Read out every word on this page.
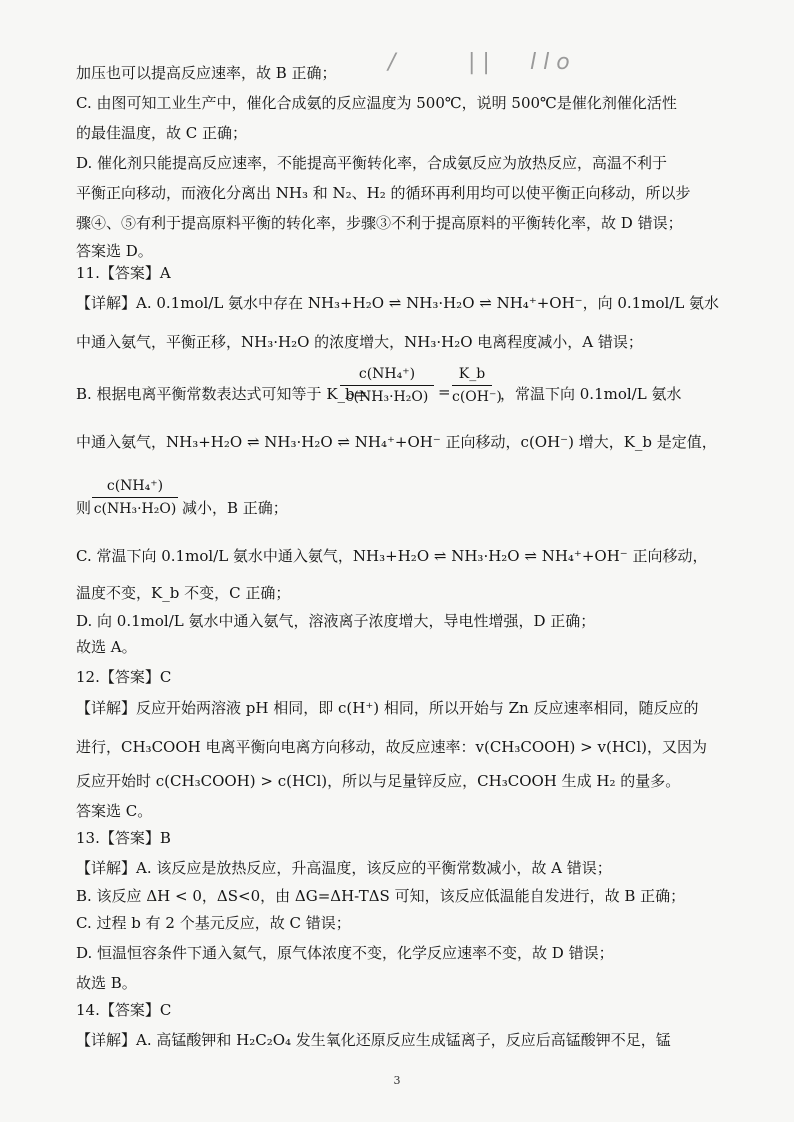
/	| | l l o
加压也可以提高反应速率，故 B 正确；
C. 由图可知工业生产中，催化合成氨的反应温度为 500℃，说明 500℃是催化剂催化活性
的最佳温度，故 C 正确；
D. 催化剂只能提高反应速率，不能提高平衡转化率，合成氨反应为放热反应，高温不利于
平衡正向移动，而液化分离出 NH₃ 和 N₂、H₂ 的循环再利用均可以使平衡正向移动，所以步
骤④、⑤有利于提高原料平衡的转化率，步骤③不利于提高原料的平衡转化率，故 D 错误；
答案选 D。
11.【答案】A
【详解】A. 0.1mol/L 氨水中存在 NH₃+H₂O ⇌ NH₃·H₂O ⇌ NH₄⁺+OH⁻，向 0.1mol/L 氨水
中通入氨气，平衡正移，NH₃·H₂O 的浓度增大，NH₃·H₂O 电离程度减小，A 错误；
B. 根据电离平衡常数表达式可知等于 K_b=
c(NH₄⁺)
c(NH₃·H₂O) =
K_b
c(OH⁻)
，常温下向 0.1mol/L 氨水
中通入氨气，NH₃+H₂O ⇌ NH₃·H₂O ⇌ NH₄⁺+OH⁻ 正向移动，c(OH⁻) 增大，K_b 是定值，
则
c(NH₄⁺)
c(NH₃·H₂O) 减小，B 正确；
C. 常温下向 0.1mol/L 氨水中通入氨气，NH₃+H₂O ⇌ NH₃·H₂O ⇌ NH₄⁺+OH⁻ 正向移动，
温度不变，K_b 不变，C 正确；
D. 向 0.1mol/L 氨水中通入氨气，溶液离子浓度增大，导电性增强，D 正确；
故选 A。
12.【答案】C
【详解】反应开始两溶液 pH 相同，即 c(H⁺) 相同，所以开始与 Zn 反应速率相同，随反应的
进行，CH₃COOH 电离平衡向电离方向移动，故反应速率：v(CH₃COOH) > v(HCl)，又因为
反应开始时 c(CH₃COOH) > c(HCl)，所以与足量锌反应，CH₃COOH 生成 H₂ 的量多。
答案选 C。
13.【答案】B
【详解】A. 该反应是放热反应，升高温度，该反应的平衡常数减小，故 A 错误；
B. 该反应 ΔH < 0，ΔS<0，由 ΔG=ΔH-TΔS 可知，该反应低温能自发进行，故 B 正确；
C. 过程 b 有 2 个基元反应，故 C 错误；
D. 恒温恒容条件下通入氦气，原气体浓度不变，化学反应速率不变，故 D 错误；
故选 B。
14.【答案】C
【详解】A. 高锰酸钾和 H₂C₂O₄ 发生氧化还原反应生成锰离子，反应后高锰酸钾不足，锰
3
